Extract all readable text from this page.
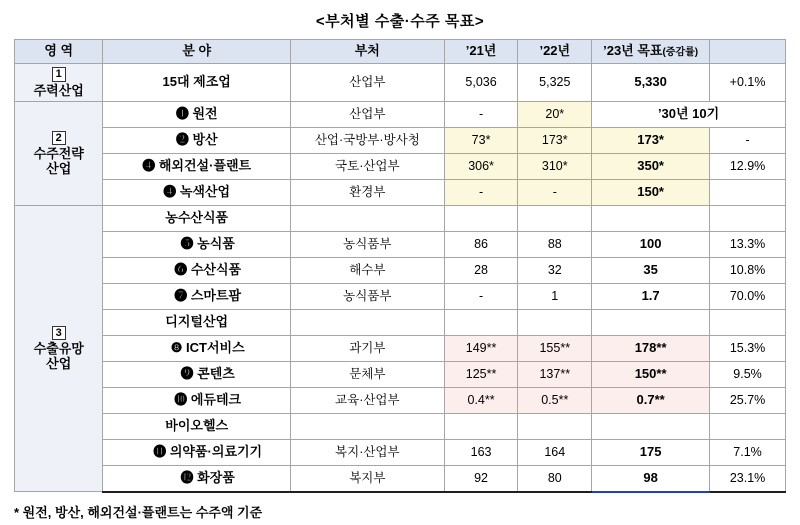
<부처별 수출·수주 목표>
영 역	분 야	부처	’21년	’22년	’23년 목표(증감률)	
1
주력산업	15대 제조업	산업부	5,036	5,325	5,330	+0.1%
2
수주전략
산업	❶ 원전	산업부	-	20*	’30년 10기	
	❷ 방산	산업·국방부·방사청	73*	173*	173*	-
	❹ 해외건설·플랜트	국토·산업부	306*	310*	350*	12.9%
	❹ 녹색산업	환경부	-	-	150*	
3
수출유망
산업	농수산식품					
	❺ 농식품	농식품부	86	88	100	13.3%
	❻ 수산식품	해수부	28	32	35	10.8%
	❼ 스마트팜	농식품부	-	1	1.7	70.0%
	디지털산업					
	❽ ICT서비스	과기부	149**	155**	178**	15.3%
	❾ 콘텐츠	문체부	125**	137**	150**	9.5%
	❿ 에듀테크	교육·산업부	0.4**	0.5**	0.7**	25.7%
	바이오헬스					
	⓫ 의약품·의료기기	복지·산업부	163	164	175	7.1%
	⓬ 화장품	복지부	92	80	98	23.1%
* 원전, 방산, 해외건설·플랜트는 수주액 기준
